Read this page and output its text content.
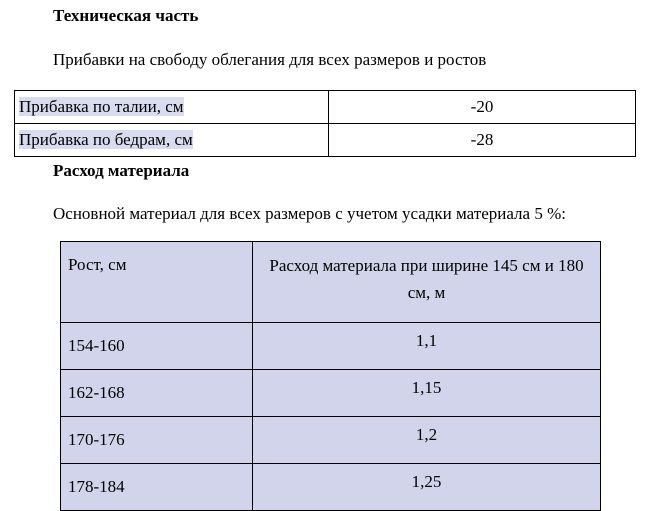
Техническая часть
Прибавки на свободу облегания для всех размеров и ростов
Прибавка по талии, см	-20
Прибавка по бедрам, см	-28
Расход материала
Основной материал для всех размеров с учетом усадки материала 5 %:
Рост, см	Расход материала при ширине 145 см и 180 см, м

154-160	1,1
162-168	1,15
170-176	1,2
178-184	1,25
